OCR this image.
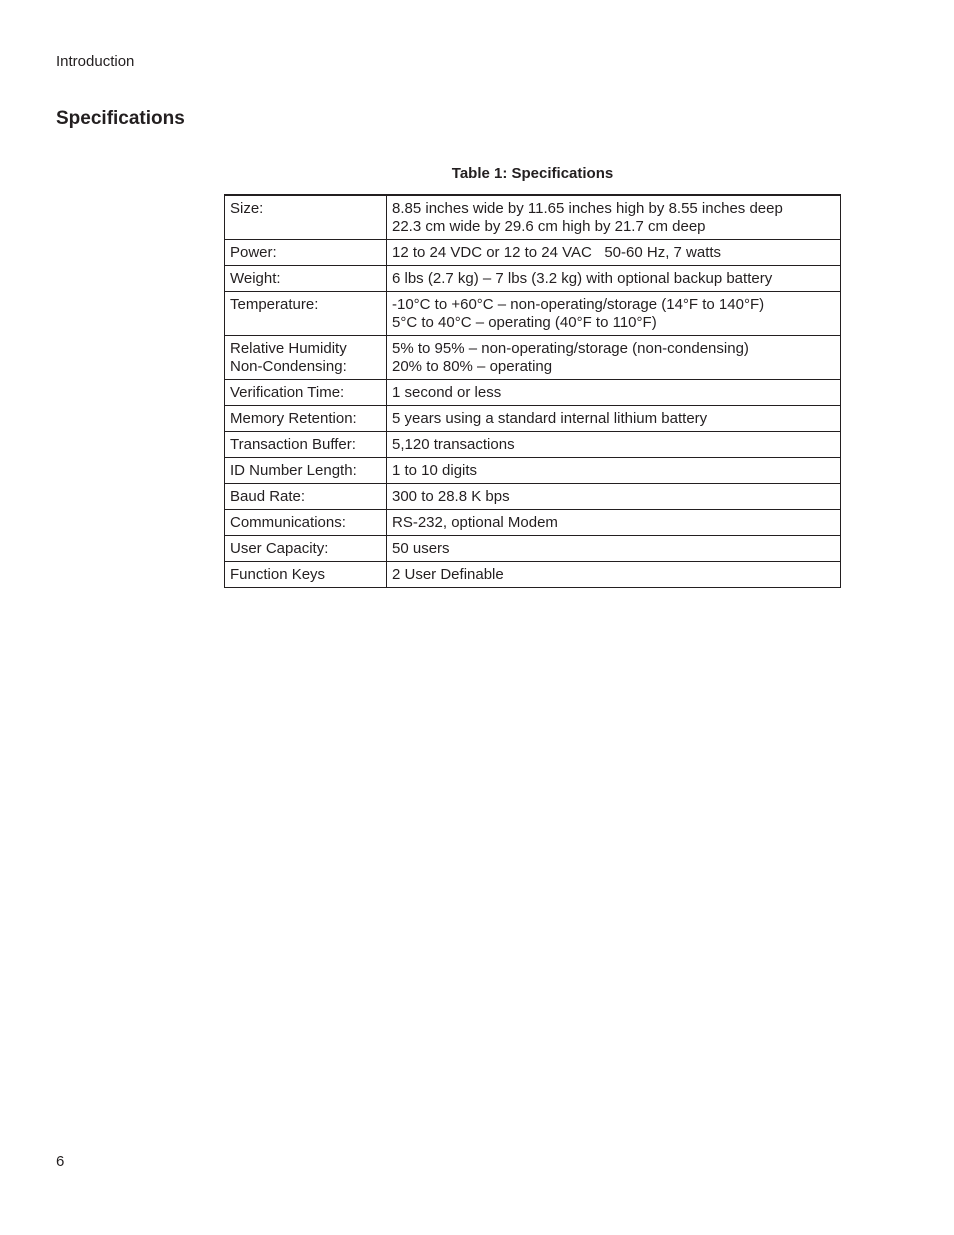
Introduction
Specifications
Table 1: Specifications
Size:	8.85 inches wide by 11.65 inches high by 8.55 inches deep
22.3 cm wide by 29.6 cm high by 21.7 cm deep

Power:	12 to 24 VDC or 12 to 24 VAC   50-60 Hz, 7 watts

Weight:	6 lbs (2.7 kg) – 7 lbs (3.2 kg) with optional backup battery

Temperature:	-10°C to +60°C – non-operating/storage (14°F to 140°F)
5°C to 40°C – operating (40°F to 110°F)

Relative Humidity
Non-Condensing:	5% to 95% – non-operating/storage (non-condensing)
20% to 80% – operating

Verification Time:	1 second or less

Memory Retention:	5 years using a standard internal lithium battery

Transaction Buffer:	5,120 transactions

ID Number Length:	1 to 10 digits

Baud Rate:	300 to 28.8 K bps

Communications:	RS-232, optional Modem

User Capacity:	50 users

Function Keys	2 User Definable
6
